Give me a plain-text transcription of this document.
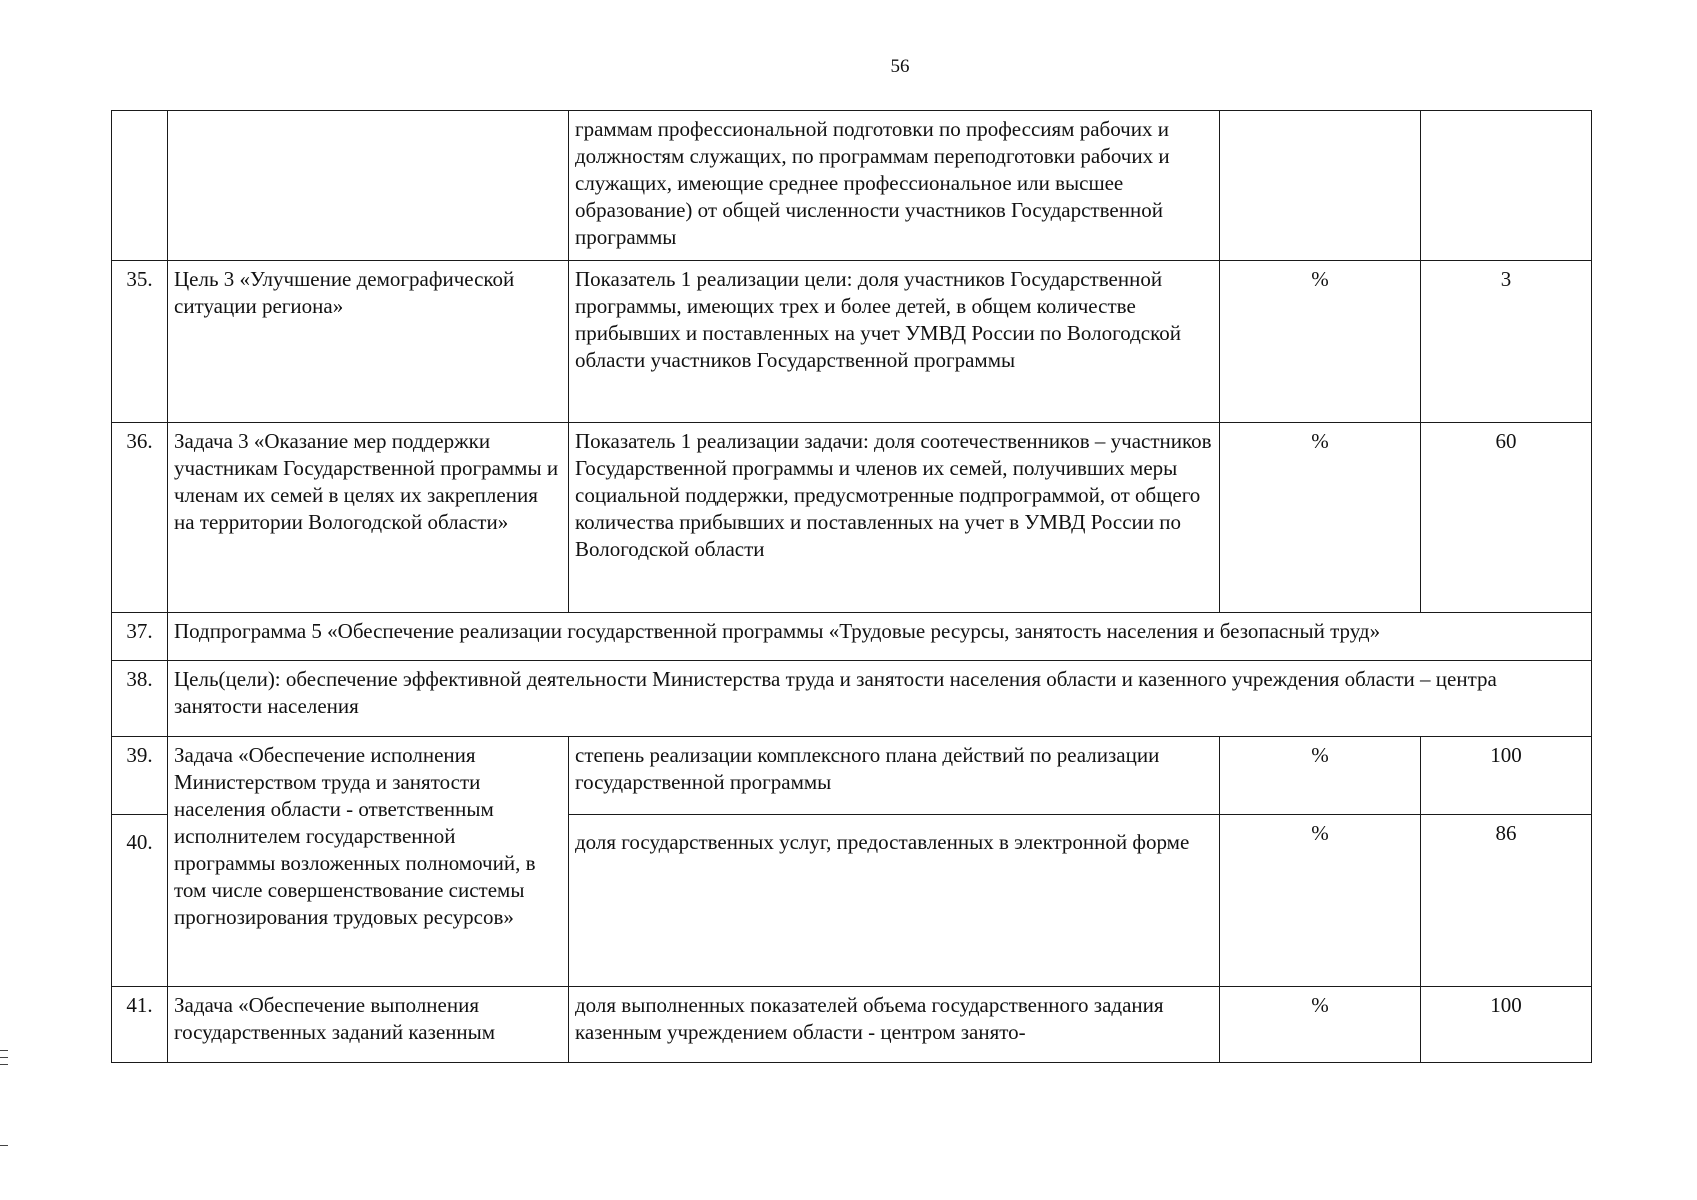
56
		граммам профессиональной подготовки по профессиям рабочих и должностям служащих, по программам переподготовки рабочих и служащих, имеющие среднее профессиональное или высшее образование) от общей численности участников Государственной программы		
35.	Цель 3 «Улучшение демографической ситуации региона»	Показатель 1 реализации цели: доля участников Государственной программы, имеющих трех и более детей, в общем количестве прибывших и поставленных на учет УМВД России по Вологодской области участников Государственной программы	%	3
36.	Задача 3 «Оказание мер поддержки участникам Государственной программы и членам их семей в целях их закрепления на территории Вологодской области»	Показатель 1 реализации задачи: доля соотечественников – участников Государственной программы и членов их семей, получивших меры социальной поддержки, предусмотренные подпрограммой, от общего количества прибывших и поставленных на учет в УМВД России по Вологодской области	%	60
37.	Подпрограмма 5 «Обеспечение реализации государственной программы «Трудовые ресурсы, занятость населения и безопасный труд»			
38.	Цель(цели): обеспечение эффективной деятельности Министерства труда и занятости населения области и казенного учреждения области – центра занятости населения			
39.	Задача «Обеспечение исполнения Министерством труда и занятости населения области - ответственным исполнителем государственной программы возложенных полномочий, в том числе совершенствование системы прогнозирования трудовых ресурсов»	степень реализации комплексного плана действий по реализации государственной программы	%	100
40.		доля государственных услуг, предоставленных в электронной форме	%	86
41.	Задача «Обеспечение выполнения государственных заданий казенным	доля выполненных показателей объема государственного задания казенным учреждением области - центром занято-	%	100
